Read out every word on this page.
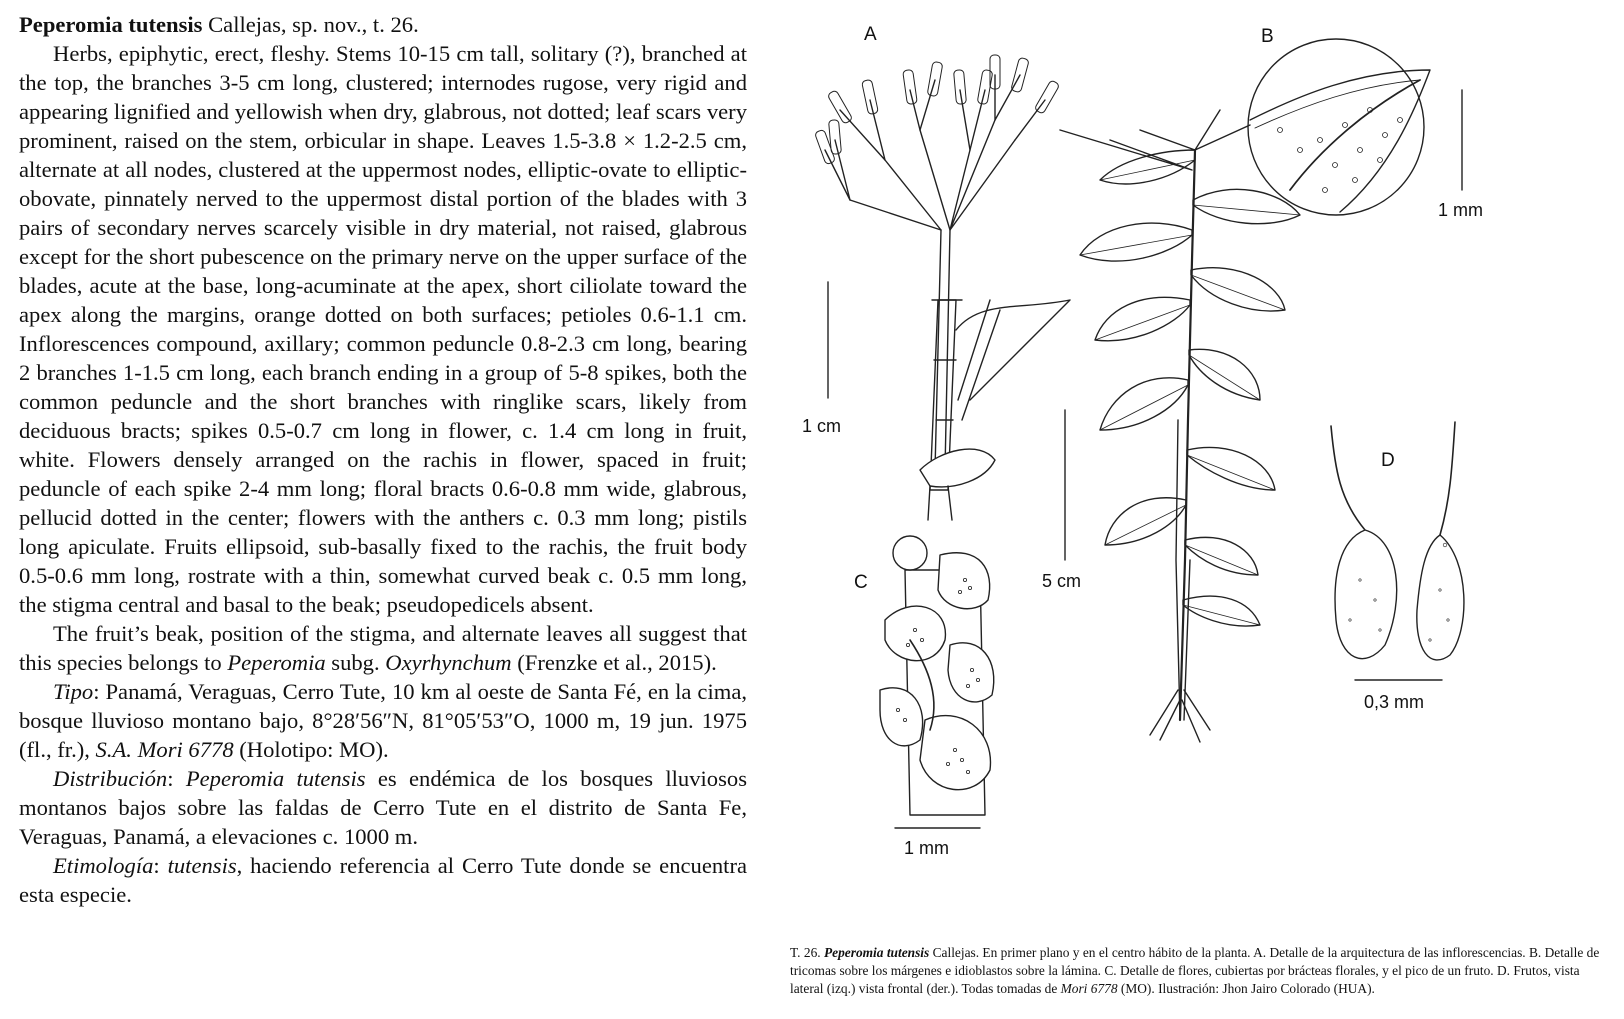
Peperomia tutensis Callejas, sp. nov., t. 26.

Herbs, epiphytic, erect, fleshy. Stems 10-15 cm tall, solitary (?), branched at the top, the branches 3-5 cm long, clustered; internodes rugose, very rigid and appearing lignified and yellowish when dry, glabrous, not dotted; leaf scars very prominent, raised on the stem, orbicular in shape. Leaves 1.5-3.8 × 1.2-2.5 cm, alternate at all nodes, clustered at the uppermost nodes, elliptic-ovate to elliptic-obovate, pinnately nerved to the uppermost distal portion of the blades with 3 pairs of secondary nerves scarcely visible in dry material, not raised, glabrous except for the short pubescence on the primary nerve on the upper surface of the blades, acute at the base, long-acuminate at the apex, short ciliolate toward the apex along the margins, orange dotted on both surfaces; petioles 0.6-1.1 cm. Inflorescences compound, axillary; common peduncle 0.8-2.3 cm long, bearing 2 branches 1-1.5 cm long, each branch ending in a group of 5-8 spikes, both the common peduncle and the short branches with ringlike scars, likely from deciduous bracts; spikes 0.5-0.7 cm long in flower, c. 1.4 cm long in fruit, white. Flowers densely arranged on the rachis in flower, spaced in fruit; peduncle of each spike 2-4 mm long; floral bracts 0.6-0.8 mm wide, glabrous, pellucid dotted in the center; flowers with the anthers c. 0.3 mm long; pistils long apiculate. Fruits ellipsoid, sub-basally fixed to the rachis, the fruit body 0.5-0.6 mm long, rostrate with a thin, somewhat curved beak c. 0.5 mm long, the stigma central and basal to the beak; pseudopedicels absent.

The fruit’s beak, position of the stigma, and alternate leaves all suggest that this species belongs to Peperomia subg. Oxyrhynchum (Frenzke et al., 2015).

Tipo: Panamá, Veraguas, Cerro Tute, 10 km al oeste de Santa Fé, en la cima, bosque lluvioso montano bajo, 8°28′56″N, 81°05′53″O, 1000 m, 19 jun. 1975 (fl., fr.), S.A. Mori 6778 (Holotipo: MO).

Distribución: Peperomia tutensis es endémica de los bosques lluviosos montanos bajos sobre las faldas de Cerro Tute en el distrito de Santa Fe, Veraguas, Panamá, a elevaciones c. 1000 m.

Etimología: tutensis, haciendo referencia al Cerro Tute donde se encuentra esta especie.

A	B
C
D
1 cm
1 mm
1 mm
5 cm
0,3 mm
T. 26. Peperomia tutensis Callejas. En primer plano y en el centro hábito de la planta. A. Detalle de la arquitectura de las inflorescencias. B. Detalle de tricomas sobre los márgenes e idioblastos sobre la lámina. C. Detalle de flores, cubiertas por brácteas florales, y el pico de un fruto. D. Frutos, vista lateral (izq.) vista frontal (der.). Todas tomadas de Mori 6778 (MO). Ilustración: Jhon Jairo Colorado (HUA).
